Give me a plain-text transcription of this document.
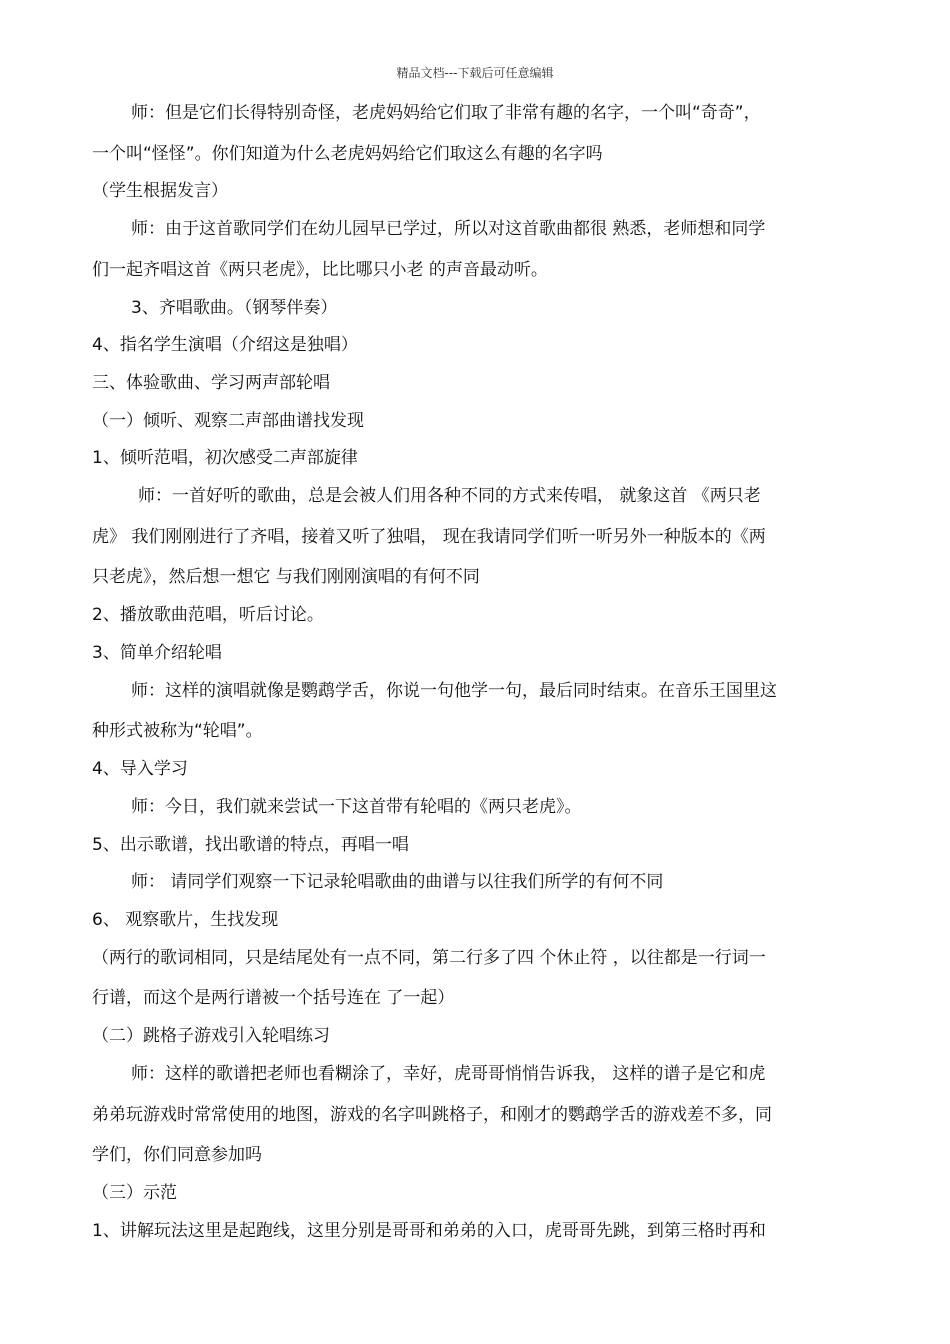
精品文档---下载后可任意编辑
师：但是它们长得特别奇怪，老虎妈妈给它们取了非常有趣的名字，一个叫“奇奇”，
一个叫“怪怪”。你们知道为什么老虎妈妈给它们取这么有趣的名字吗
（学生根据发言）
师：由于这首歌同学们在幼儿园早已学过，所以对这首歌曲都很 熟悉，老师想和同学
们一起齐唱这首《两只老虎》，比比哪只小老 的声音最动听。
3、齐唱歌曲。（钢琴伴奏）
4、指名学生演唱（介绍这是独唱）
三、体验歌曲、学习两声部轮唱
（一）倾听、观察二声部曲谱找发现
1、倾听范唱，初次感受二声部旋律
师：一首好听的歌曲，总是会被人们用各种不同的方式来传唱， 就象这首 《两只老
虎》 我们刚刚进行了齐唱，接着又听了独唱， 现在我请同学们听一听另外一种版本的《两
只老虎》，然后想一想它 与我们刚刚演唱的有何不同
2、播放歌曲范唱，听后讨论。
3、简单介绍轮唱
师：这样的演唱就像是鹦鹉学舌，你说一句他学一句，最后同时结束。在音乐王国里这
种形式被称为“轮唱”。
4、导入学习
师：今日，我们就来尝试一下这首带有轮唱的《两只老虎》。
5、出示歌谱，找出歌谱的特点，再唱一唱
师： 请同学们观察一下记录轮唱歌曲的曲谱与以往我们所学的有何不同
6、 观察歌片，生找发现
（两行的歌词相同，只是结尾处有一点不同，第二行多了四 个休止符 ，以往都是一行词一
行谱，而这个是两行谱被一个括号连在 了一起）
（二）跳格子游戏引入轮唱练习
师：这样的歌谱把老师也看糊涂了，幸好，虎哥哥悄悄告诉我， 这样的谱子是它和虎
弟弟玩游戏时常常使用的地图，游戏的名字叫跳格子，和刚才的鹦鹉学舌的游戏差不多，同
学们，你们同意参加吗
（三）示范
1、讲解玩法这里是起跑线，这里分别是哥哥和弟弟的入口，虎哥哥先跳，到第三格时再和
